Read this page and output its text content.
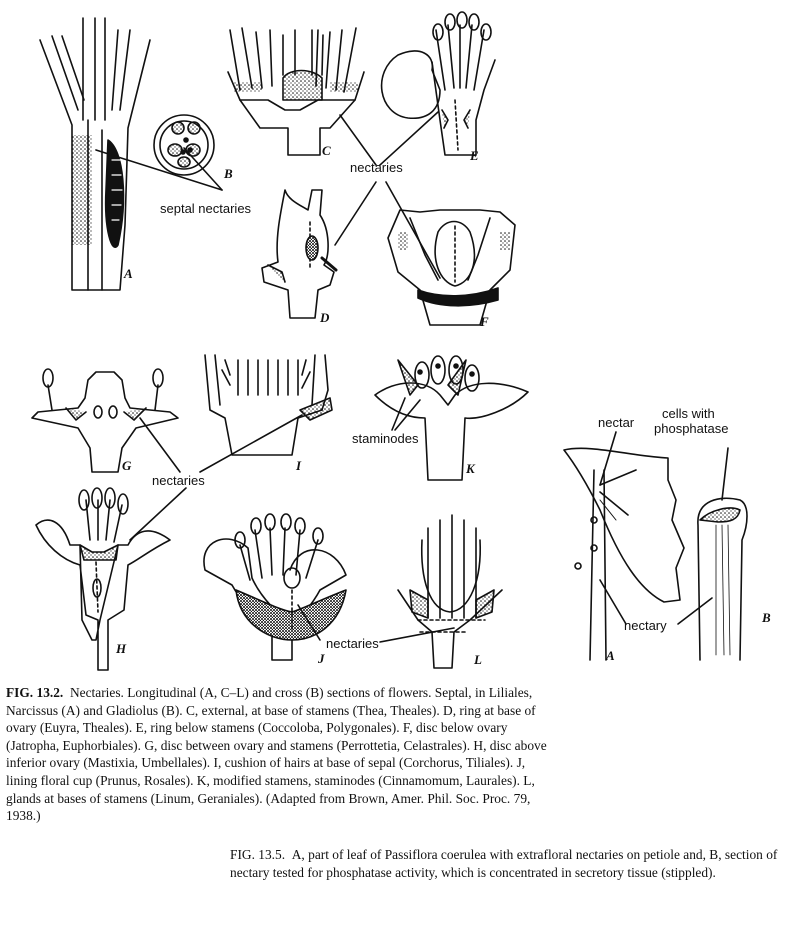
septal nectaries
nectaries
nectaries
nectaries
staminodes
A
B
C
D
E
F
G
H
I
J
K
L
nectar
cells with
phosphatase
nectary
A
B

FIG. 13.2. Nectaries. Longitudinal (A, C–L) and cross (B) sections of flowers. Septal, in Liliales, Narcissus (A) and Gladiolus (B). C, external, at base of stamens (Thea, Theales). D, ring at base of ovary (Euyra, Theales). E, ring below stamens (Coccoloba, Polygonales). F, disc below ovary (Jatropha, Euphorbiales). G, disc between ovary and stamens (Perrottetia, Celastrales). H, disc above inferior ovary (Mastixia, Umbellales). I, cushion of hairs at base of sepal (Corchorus, Tiliales). J, lining floral cup (Prunus, Rosales). K, modified stamens, staminodes (Cinnamomum, Laurales). L, glands at bases of stamens (Linum, Geraniales). (Adapted from Brown, Amer. Phil. Soc. Proc. 79, 1938.)

FIG. 13.5. A, part of leaf of Passiflora coerulea with extrafloral nectaries on petiole and, B, section of nectary tested for phosphatase activity, which is concentrated in secretory tissue (stippled).
